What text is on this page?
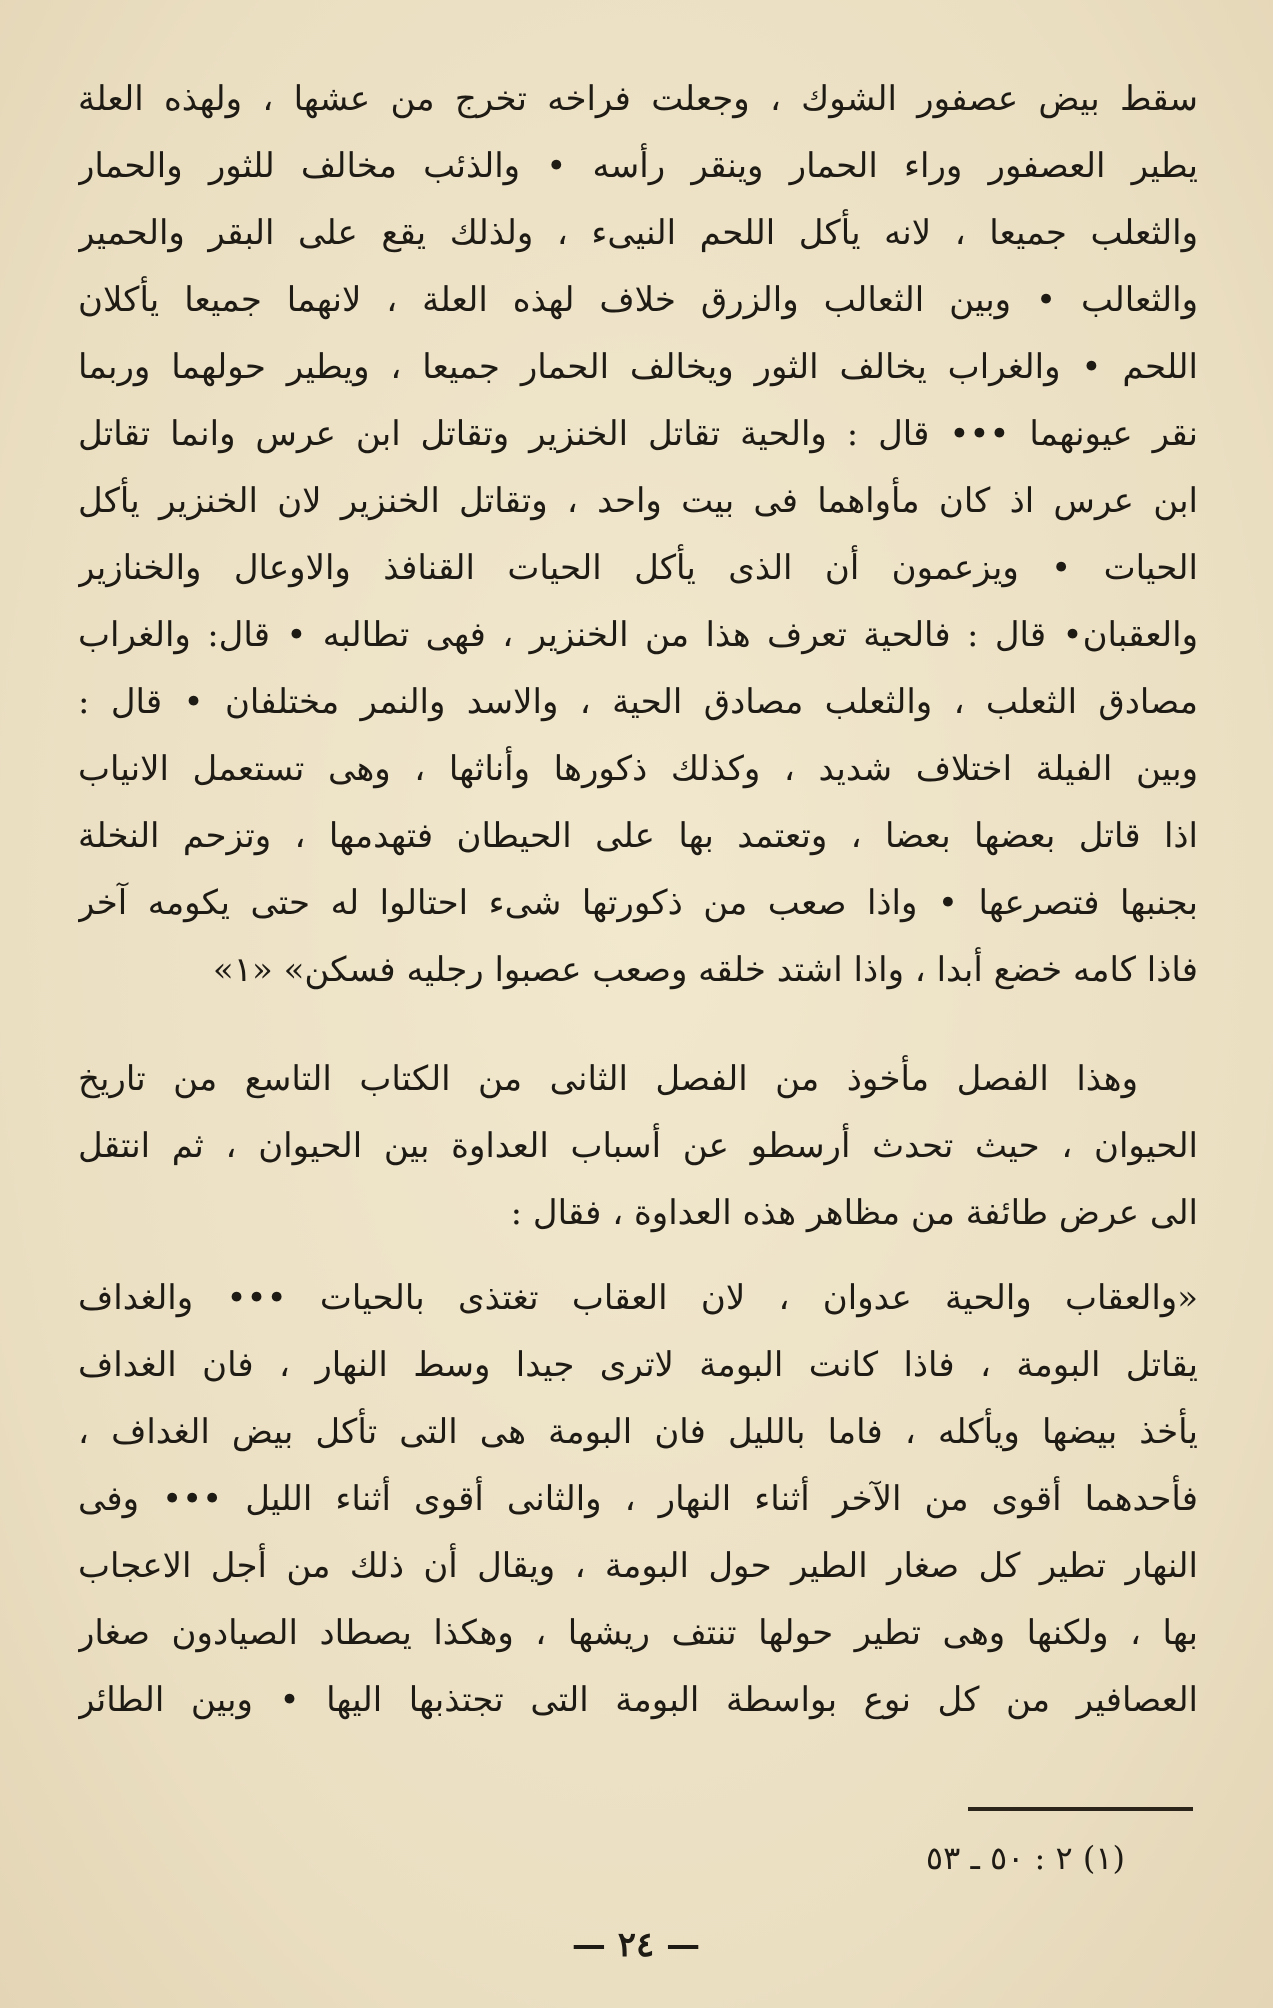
سقط بيض عصفور الشوك ، وجعلت فراخه تخرج من عشها ، ولهذه العلة
يطير العصفور وراء الحمار وينقر رأسه • والذئب مخالف للثور والحمار
والثعلب جميعا ، لانه يأكل اللحم النيىء ، ولذلك يقع على البقر والحمير
والثعالب • وبين الثعالب والزرق خلاف لهذه العلة ، لانهما جميعا يأكلان
اللحم • والغراب يخالف الثور ويخالف الحمار جميعا ، ويطير حولهما وربما
نقر عيونهما ••• قال : والحية تقاتل الخنزير وتقاتل ابن عرس وانما تقاتل
ابن عرس اذ كان مأواهما فى بيت واحد ، وتقاتل الخنزير لان الخنزير يأكل
الحيات • ويزعمون أن الذى يأكل الحيات القنافذ والاوعال والخنازير
والعقبان• قال : فالحية تعرف هذا من الخنزير ، فهى تطالبه • قال: والغراب
مصادق الثعلب ، والثعلب مصادق الحية ، والاسد والنمر مختلفان • قال :
وبين الفيلة اختلاف شديد ، وكذلك ذكورها وأناثها ، وهى تستعمل الانياب
اذا قاتل بعضها بعضا ، وتعتمد بها على الحيطان فتهدمها ، وتزحم النخلة
بجنبها فتصرعها • واذا صعب من ذكورتها شىء احتالوا له حتى يكومه آخر
فاذا كامه خضع أبدا ، واذا اشتد خلقه وصعب عصبوا رجليه فسكن» «١»
وهذا الفصل مأخوذ من الفصل الثانى من الكتاب التاسع من تاريخ
الحيوان ، حيث تحدث أرسطو عن أسباب العداوة بين الحيوان ، ثم انتقل
الى عرض طائفة من مظاهر هذه العداوة ، فقال :
«والعقاب والحية عدوان ، لان العقاب تغتذى بالحيات ••• والغداف
يقاتل البومة ، فاذا كانت البومة لاترى جيدا وسط النهار ، فان الغداف
يأخذ بيضها ويأكله ، فاما بالليل فان البومة هى التى تأكل بيض الغداف ،
فأحدهما أقوى من الآخر أثناء النهار ، والثانى أقوى أثناء الليل ••• وفى
النهار تطير كل صغار الطير حول البومة ، ويقال أن ذلك من أجل الاعجاب
بها ، ولكنها وهى تطير حولها تنتف ريشها ، وهكذا يصطاد الصيادون صغار
العصافير من كل نوع بواسطة البومة التى تجتذبها اليها • وبين الطائر
(١) ٢ : ٥٠ ـ ٥٣
— ٢٤ —
